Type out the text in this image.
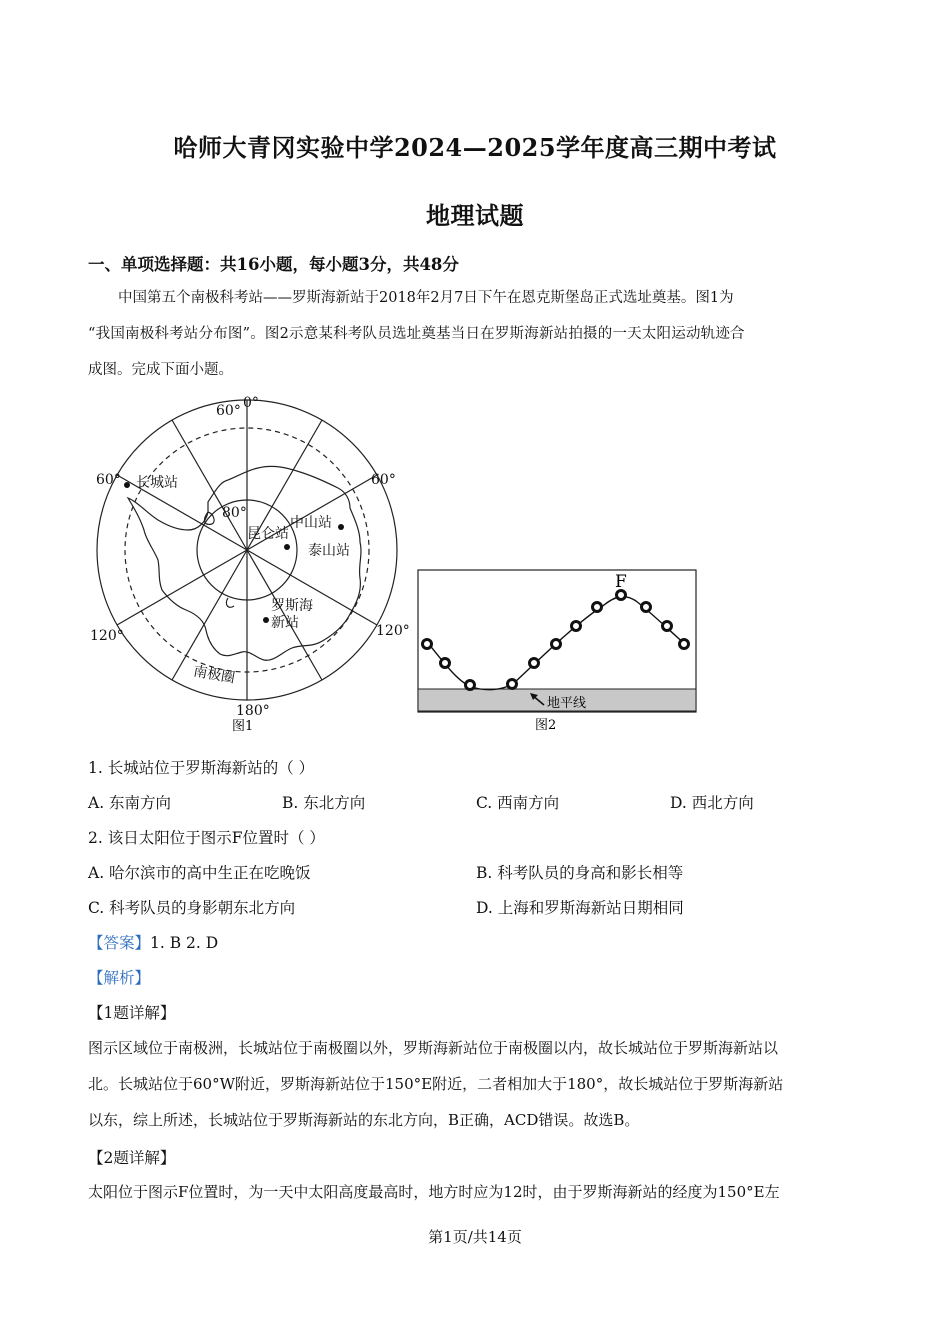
哈师大青冈实验中学2024—2025学年度高三期中考试
地理试题
一、单项选择题：共16小题，每小题3分，共48分
中国第五个南极科考站——罗斯海新站于2018年2月7日下午在恩克斯堡岛正式选址奠基。图1为
“我国南极科考站分布图”。图2示意某科考队员选址奠基当日在罗斯海新站拍摄的一天太阳运动轨迹合
成图。完成下面小题。
0°
60°
60°	60°
120°	120°
180°
80°
长城站
昆仑站
中山站
泰山站
罗斯海
新站
南极圈
图1
F
地平线
图2
1. 长城站位于罗斯海新站的（ ）
A. 东南方向	B. 东北方向	C. 西南方向	D. 西北方向
2. 该日太阳位于图示F位置时（ ）
A. 哈尔滨市的高中生正在吃晚饭	B. 科考队员的身高和影长相等
C. 科考队员的身影朝东北方向	D. 上海和罗斯海新站日期相同
【答案】1. B 2. D
【解析】
【1题详解】
图示区域位于南极洲，长城站位于南极圈以外，罗斯海新站位于南极圈以内，故长城站位于罗斯海新站以
北。长城站位于60°W附近，罗斯海新站位于150°E附近，二者相加大于180°，故长城站位于罗斯海新站
以东，综上所述，长城站位于罗斯海新站的东北方向，B正确，ACD错误。故选B。
【2题详解】
太阳位于图示F位置时，为一天中太阳高度最高时，地方时应为12时，由于罗斯海新站的经度为150°E左
第1页/共14页
